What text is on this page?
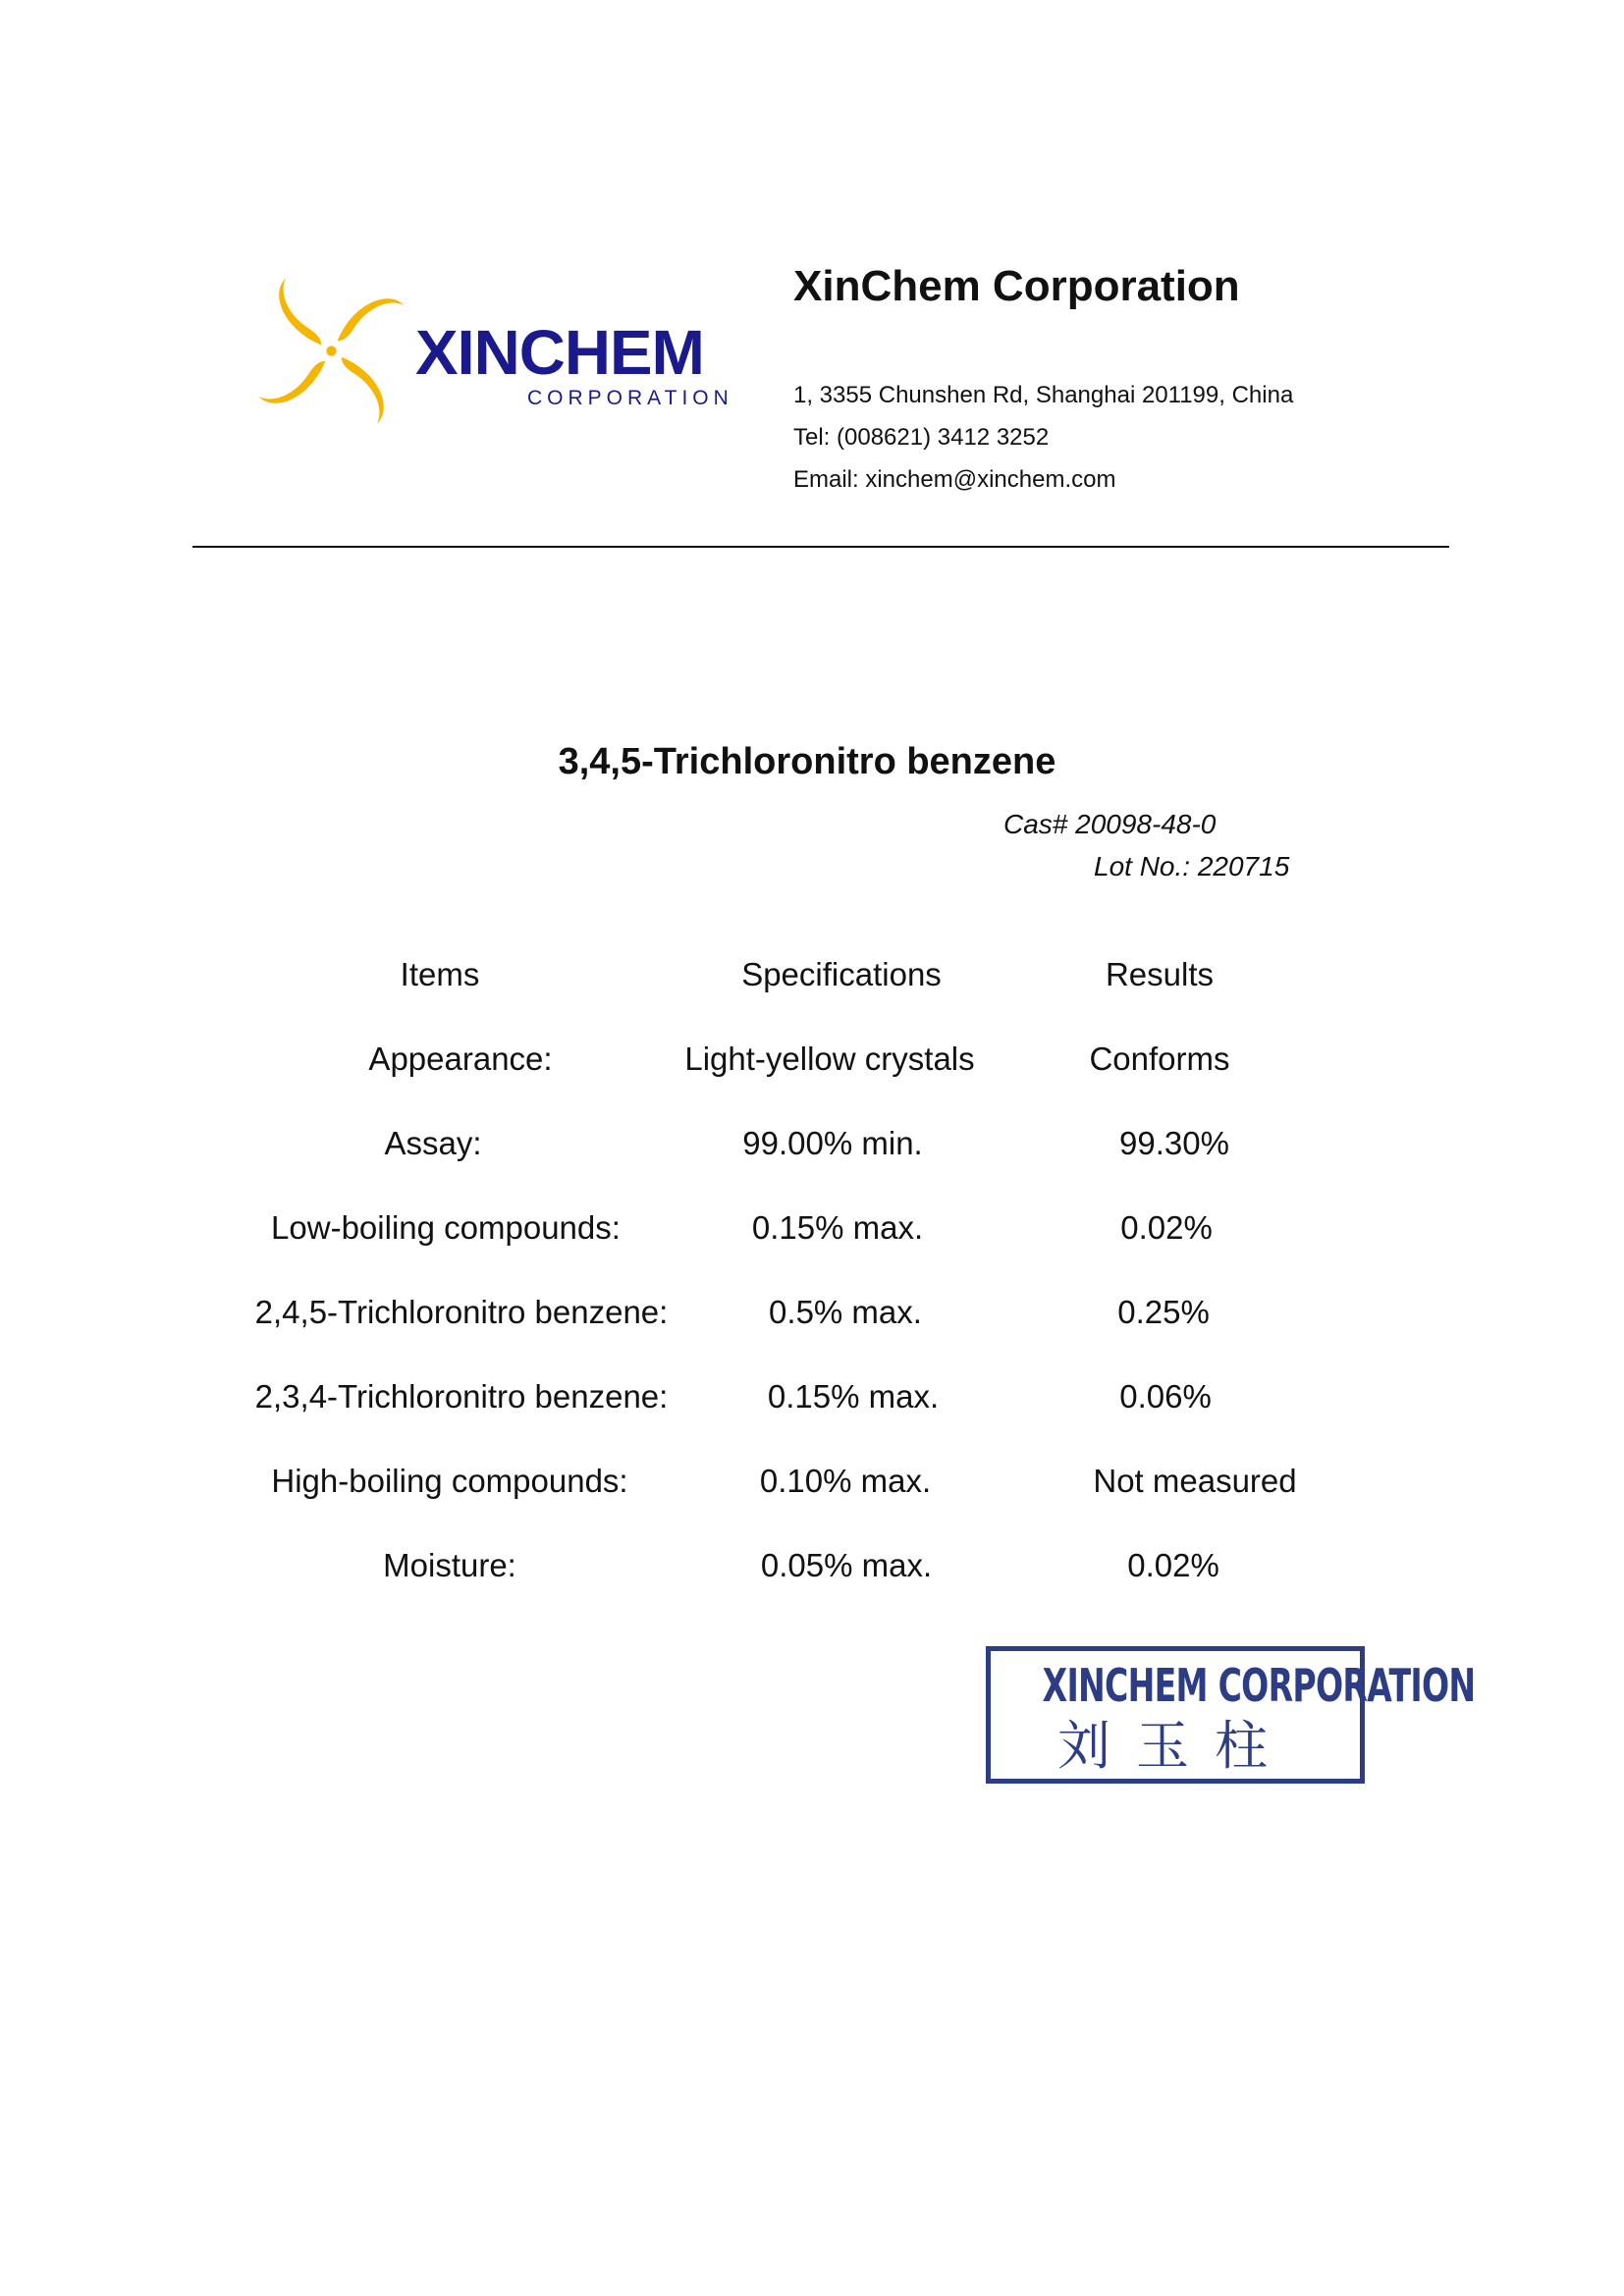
XINCHEM
CORPORATION
XinChem Corporation
1, 3355 Chunshen Rd, Shanghai 201199, China
Tel: (008621) 3412 3252
Email: xinchem@xinchem.com
3,4,5-Trichloronitro benzene
Cas# 20098-48-0
Lot No.: 220715
Items	Specifications	Results
Appearance:	Light-yellow crystals	Conforms
Assay:	99.00% min.	99.30%
Low-boiling compounds:	0.15% max.	0.02%
2,4,5-Trichloronitro benzene:	0.5% max.	0.25%
2,3,4-Trichloronitro benzene:	0.15% max.	0.06%
High-boiling compounds:	0.10% max.	Not measured
Moisture:	0.05% max.	0.02%
XINCHEM CORPORATION
刘玉柱
